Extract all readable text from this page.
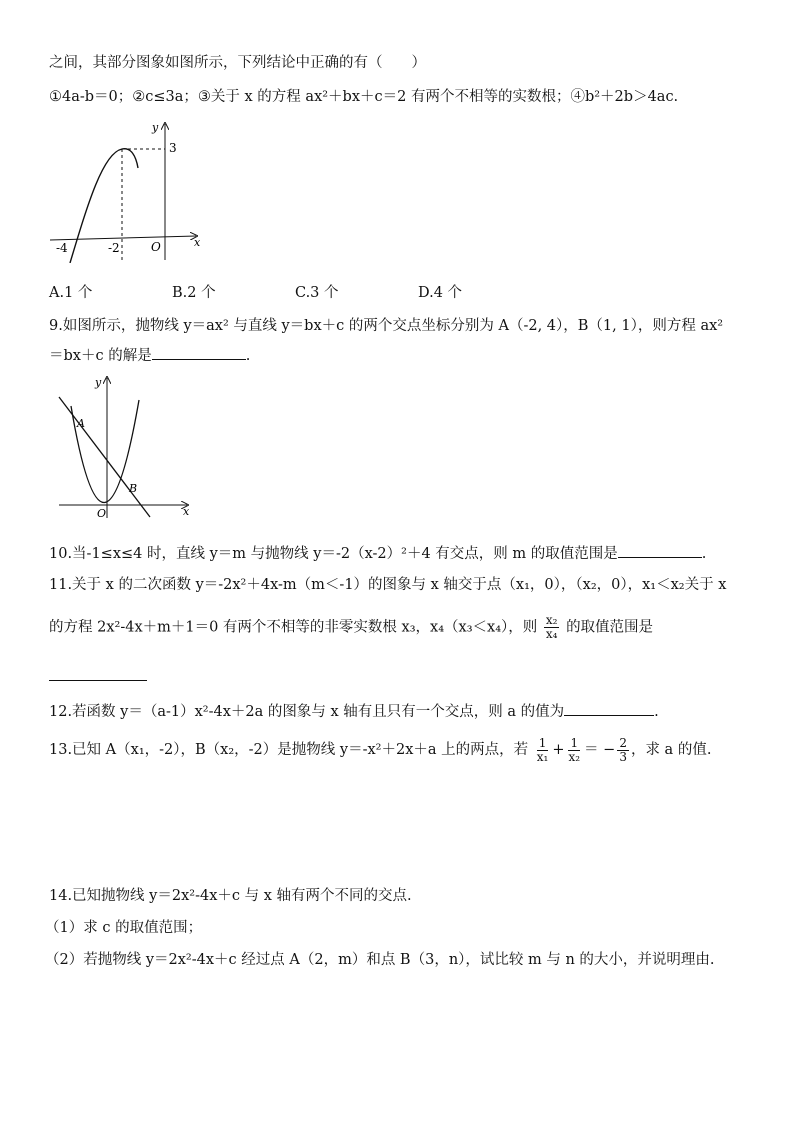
之间，其部分图象如图所示，下列结论中正确的有（　　）
①4a-b＝0；②c≤3a；③关于 x 的方程 ax²＋bx＋c＝2 有两个不相等的实数根；④b²＋2b＞4ac.
y
3
-4	-2	O	x
A.1 个	B.2 个	C.3 个	D.4 个
9.如图所示，抛物线 y＝ax² 与直线 y＝bx＋c 的两个交点坐标分别为 A（-2, 4），B（1, 1），则方程 ax²
＝bx＋c 的解是	.
y
A
B
O	x
10.当-1≤x≤4 时，直线 y＝m 与抛物线 y＝-2（x-2）²＋4 有交点，则 m 的取值范围是	.
11.关于 x 的二次函数 y＝-2x²＋4x-m（m＜-1）的图象与 x 轴交于点（x₁，0），（x₂，0），x₁＜x₂关于 x
的方程 2x²-4x＋m＋1＝0 有两个不相等的非零实数根 x₃，x₄（x₃＜x₄），则 $\frac{\text{x₂}}{\text{x₄}}$ 的取值范围是
12.若函数 y＝（a-1）x²-4x＋2a 的图象与 x 轴有且只有一个交点，则 a 的值为	.
13.已知 A（x₁，-2），B（x₂，-2）是抛物线 y＝-x²＋2x＋a 上的两点，若 $\frac{1}{\text{x₁}} + \frac{1}{\text{x₂}}$ ＝ − $\frac{2}{3}$ ，求 a 的值.
14.已知抛物线 y＝2x²-4x＋c 与 x 轴有两个不同的交点.
（1）求 c 的取值范围；
（2）若抛物线 y＝2x²-4x＋c 经过点 A（2，m）和点 B（3，n），试比较 m 与 n 的大小，并说明理由.
